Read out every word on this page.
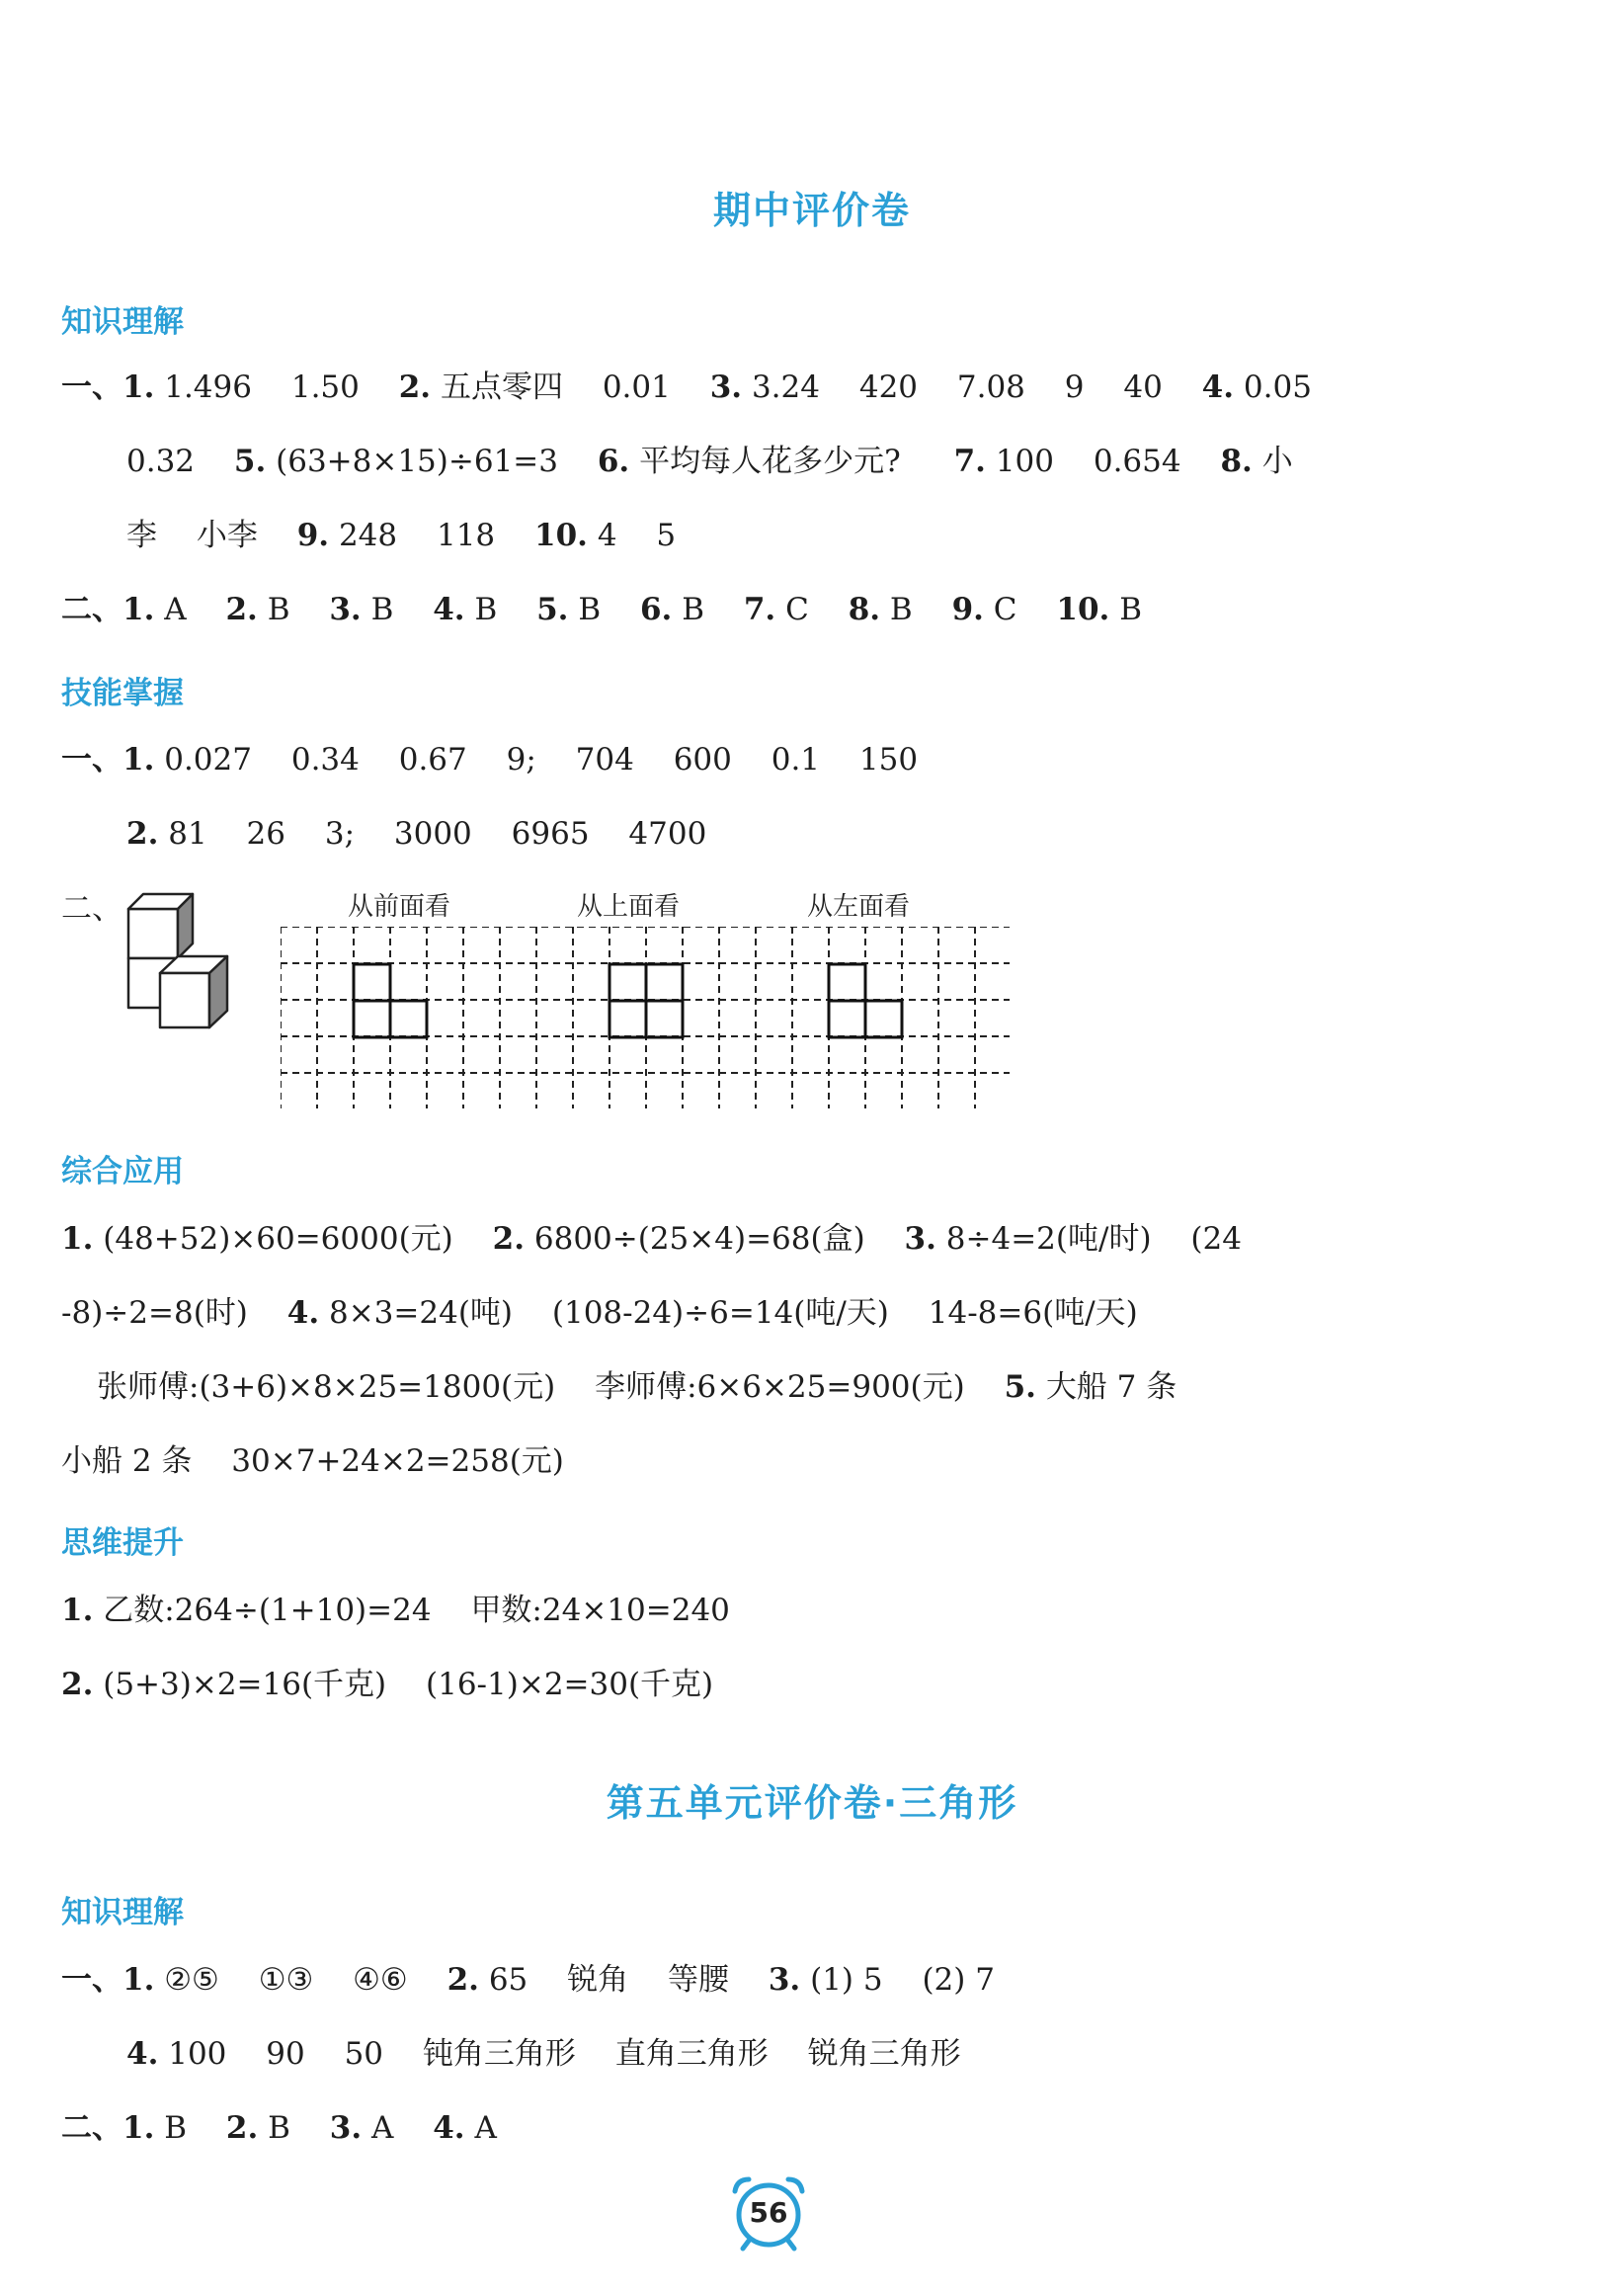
期中评价卷
知识理解
一、1. 1.496 1.50 2. 五点零四 0.01 3. 3.24 420 7.08 9 40 4. 0.05
0.32 5. (63+8×15)÷61=3 6. 平均每人花多少元? 7. 100 0.654 8. 小
李 小李 9. 248 118 10. 4 5
二、1. A 2. B 3. B 4. B 5. B 6. B 7. C 8. B 9. C 10. B
技能掌握
一、1. 0.027 0.34 0.67 9; 704 600 0.1 150
2. 81 26 3; 3000 6965 4700
二、	从前面看	从上面看	从左面看
综合应用
1. (48+52)×60=6000(元) 2. 6800÷(25×4)=68(盒) 3. 8÷4=2(吨/时) (24
-8)÷2=8(时) 4. 8×3=24(吨) (108-24)÷6=14(吨/天) 14-8=6(吨/天)
张师傅:(3+6)×8×25=1800(元) 李师傅:6×6×25=900(元) 5. 大船 7 条
小船 2 条 30×7+24×2=258(元)
思维提升
1. 乙数:264÷(1+10)=24 甲数:24×10=240
2. (5+3)×2=16(千克) (16-1)×2=30(千克)
第五单元评价卷·三角形
知识理解
一、1. ②⑤ ①③ ④⑥ 2. 65 锐角 等腰 3. (1) 5 (2) 7
4. 100 90 50 钝角三角形 直角三角形 锐角三角形
二、1. B 2. B 3. A 4. A
56
